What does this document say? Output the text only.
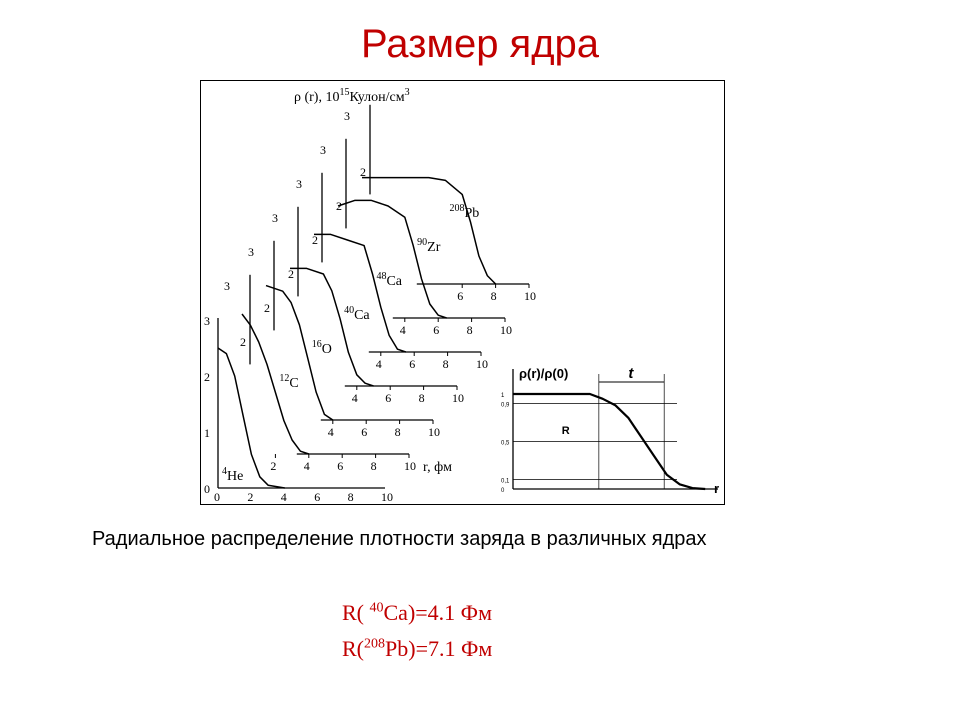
Размер ядра
0
1
2
3
0 2 4 6 8 10
$^4$He
2 4 6 8 10
2
3
$^{12}$C
4 6 8 10
2
3
$^{16}$O
4 6 8 10
2
3
$^{40}$Ca
4 6 8 10
2
3
$^{48}$Ca
4 6 8 10
2
3
$^{90}$Zr
6 8 10
2
3
$^{208}$Pb
ρ (r), $10^{15}Кулон/см^3$
r, фм
ρ(r)/ρ(0)
r
1
0,9
0,5
0,1
0
t
R
Радиальное распределение плотности заряда в различных ядрах
R( $^{40}$Ca)=4.1 Фм
R($^{208}$Pb)=7.1 Фм
